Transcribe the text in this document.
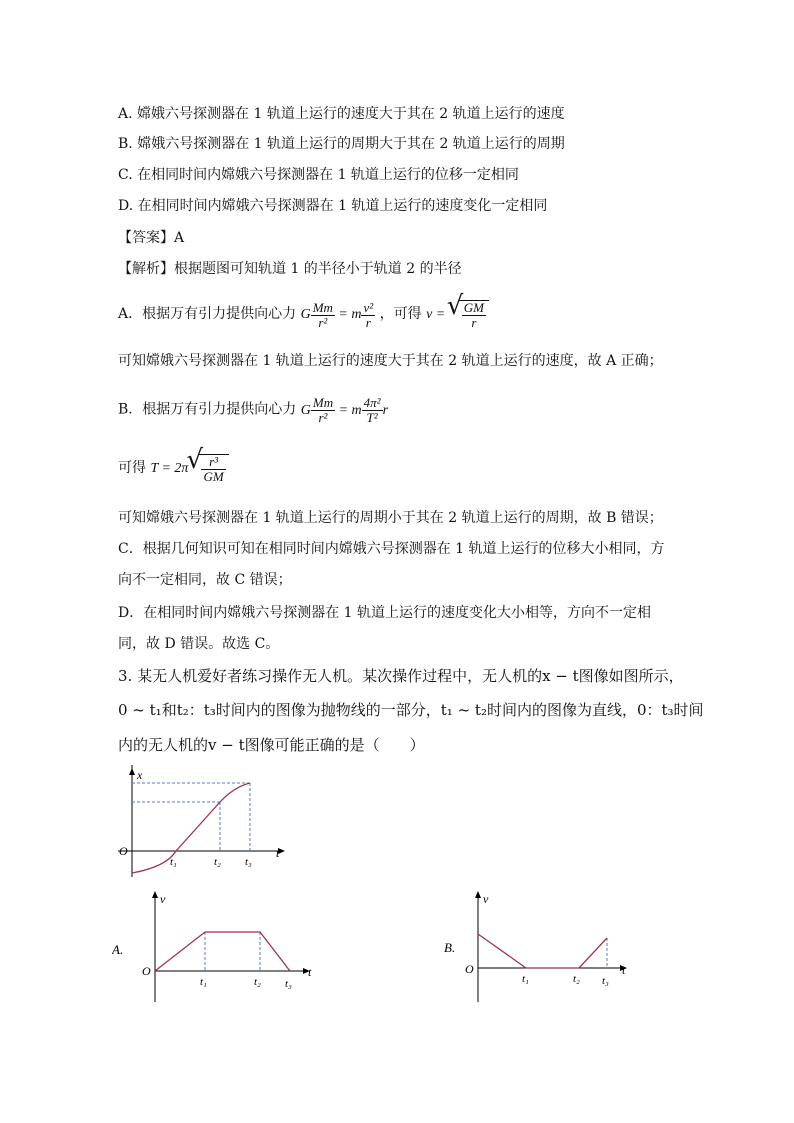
A. 嫦娥六号探测器在 1 轨道上运行的速度大于其在 2 轨道上运行的速度
B. 嫦娥六号探测器在 1 轨道上运行的周期大于其在 2 轨道上运行的周期
C. 在相同时间内嫦娥六号探测器在 1 轨道上运行的位移一定相同
D. 在相同时间内嫦娥六号探测器在 1 轨道上运行的速度变化一定相同
【答案】A
【解析】根据题图可知轨道 1 的半径小于轨道 2 的半径
A．根据万有引力提供向心力 G $\frac{Mm}{\text{r²}} = m \frac{\text{v²}}{r}$ ，可得 v = √ $\frac{GM}{r}$
可知嫦娥六号探测器在 1 轨道上运行的速度大于其在 2 轨道上运行的速度，故 A 正确；
B．根据万有引力提供向心力 G $\frac{Mm}{\text{r²}} = m \frac{\text{4π²}}{\text{T²}}$ r
可得 T = 2π √ $\frac{\text{r³}}{GM}$
可知嫦娥六号探测器在 1 轨道上运行的周期小于其在 2 轨道上运行的周期，故 B 错误；
C．根据几何知识可知在相同时间内嫦娥六号探测器在 1 轨道上运行的位移大小相同，方
向不一定相同，故 C 错误；
D．在相同时间内嫦娥六号探测器在 1 轨道上运行的速度变化大小相等，方向不一定相
同，故 D 错误。故选 C。
3. 某无人机爱好者练习操作无人机。某次操作过程中，无人机的x − t图像如图所示，
0 ~ t₁和t₂：t₃时间内的图像为抛物线的一部分，t₁ ~ t₂时间内的图像为直线，0：t₃时间
内的无人机的v − t图像可能正确的是（　　）
x
O	t
t₁	t₂ t₃
A.
v
O	t
t₁	t₂ t₃
B.
v
O	t
t₁	t₂ t₃
